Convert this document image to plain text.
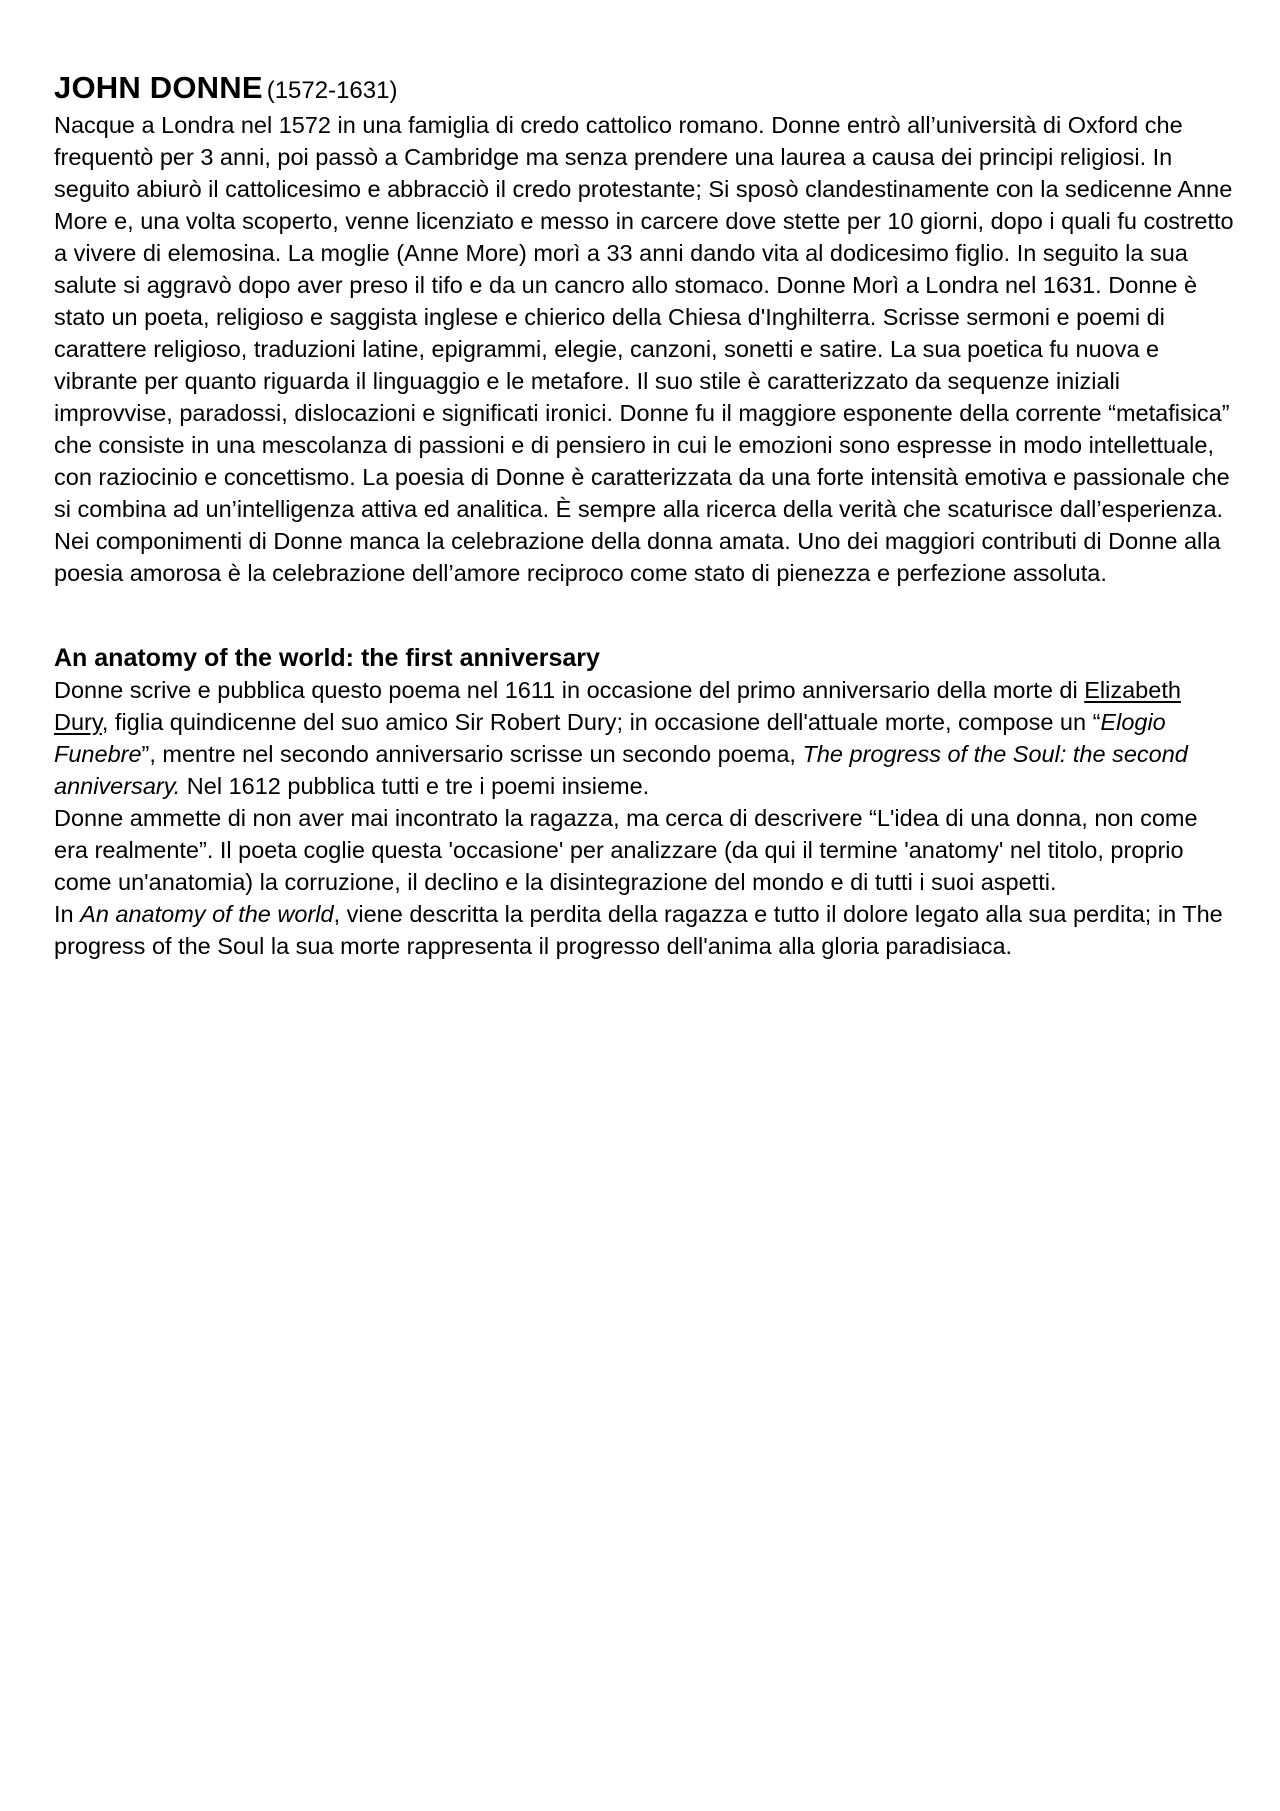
JOHN DONNE (1572-1631)

Nacque a Londra nel 1572 in una famiglia di credo cattolico romano. Donne entrò all’università di Oxford che frequentò per 3 anni, poi passò a Cambridge ma senza prendere una laurea a causa dei principi religiosi. In seguito abiurò il cattolicesimo e abbracciò il credo protestante; Si sposò clandestinamente con la sedicenne Anne More e, una volta scoperto, venne licenziato e messo in carcere dove stette per 10 giorni, dopo i quali fu costretto a vivere di elemosina. La moglie (Anne More) morì a 33 anni dando vita al dodicesimo figlio. In seguito la sua salute si aggravò dopo aver preso il tifo e da un cancro allo stomaco. Donne Morì a Londra nel 1631. Donne è stato un poeta, religioso e saggista inglese e chierico della Chiesa d'Inghilterra. Scrisse sermoni e poemi di carattere religioso, traduzioni latine, epigrammi, elegie, canzoni, sonetti e satire. La sua poetica fu nuova e vibrante per quanto riguarda il linguaggio e le metafore. Il suo stile è caratterizzato da sequenze iniziali improvvise, paradossi, dislocazioni e significati ironici. Donne fu il maggiore esponente della corrente “metafisica” che consiste in una mescolanza di passioni e di pensiero in cui le emozioni sono espresse in modo intellettuale, con raziocinio e concettismo. La poesia di Donne è caratterizzata da una forte intensità emotiva e passionale che si combina ad un’intelligenza attiva ed analitica. È sempre alla ricerca della verità che scaturisce dall’esperienza. Nei componimenti di Donne manca la celebrazione della donna amata. Uno dei maggiori contributi di Donne alla poesia amorosa è la celebrazione dell’amore reciproco come stato di pienezza e perfezione assoluta.

An anatomy of the world: the first anniversary

Donne scrive e pubblica questo poema nel 1611 in occasione del primo anniversario della morte di Elizabeth Dury, figlia quindicenne del suo amico Sir Robert Dury; in occasione dell'attuale morte, compose un “Elogio Funebre”, mentre nel secondo anniversario scrisse un secondo poema, The progress of the Soul: the second anniversary. Nel 1612 pubblica tutti e tre i poemi insieme.

Donne ammette di non aver mai incontrato la ragazza, ma cerca di descrivere “L'idea di una donna, non come era realmente”. Il poeta coglie questa 'occasione' per analizzare (da qui il termine 'anatomy' nel titolo, proprio come un'anatomia) la corruzione, il declino e la disintegrazione del mondo e di tutti i suoi aspetti.

In An anatomy of the world, viene descritta la perdita della ragazza e tutto il dolore legato alla sua perdita; in The progress of the Soul la sua morte rappresenta il progresso dell'anima alla gloria paradisiaca.
